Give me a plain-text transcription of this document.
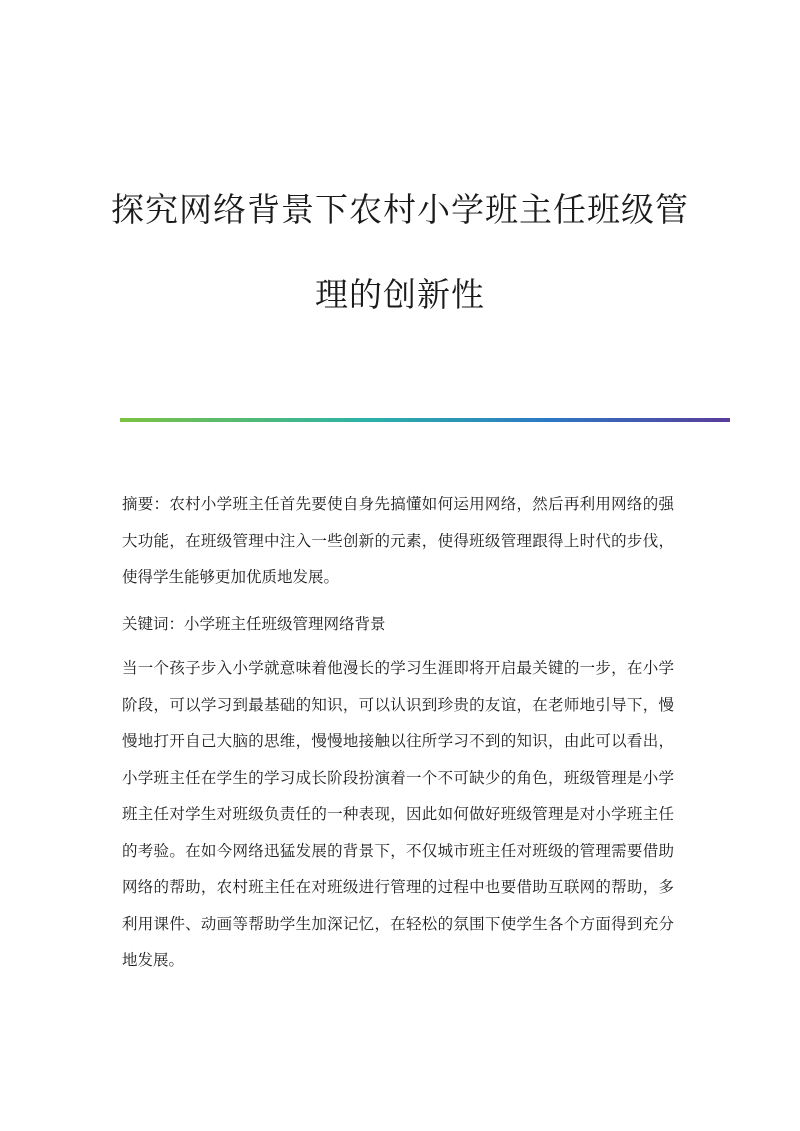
探究网络背景下农村小学班主任班级管
理的创新性

摘要：农村小学班主任首先要使自身先搞懂如何运用网络，然后再利用网络的强大功能，在班级管理中注入一些创新的元素，使得班级管理跟得上时代的步伐，使得学生能够更加优质地发展。

关键词：小学班主任班级管理网络背景

当一个孩子步入小学就意味着他漫长的学习生涯即将开启最关键的一步，在小学阶段，可以学习到最基础的知识，可以认识到珍贵的友谊，在老师地引导下，慢慢地打开自己大脑的思维，慢慢地接触以往所学习不到的知识，由此可以看出，小学班主任在学生的学习成长阶段扮演着一个不可缺少的角色，班级管理是小学班主任对学生对班级负责任的一种表现，因此如何做好班级管理是对小学班主任的考验。在如今网络迅猛发展的背景下，不仅城市班主任对班级的管理需要借助网络的帮助，农村班主任在对班级进行管理的过程中也要借助互联网的帮助，多利用课件、动画等帮助学生加深记忆，在轻松的氛围下使学生各个方面得到充分地发展。
